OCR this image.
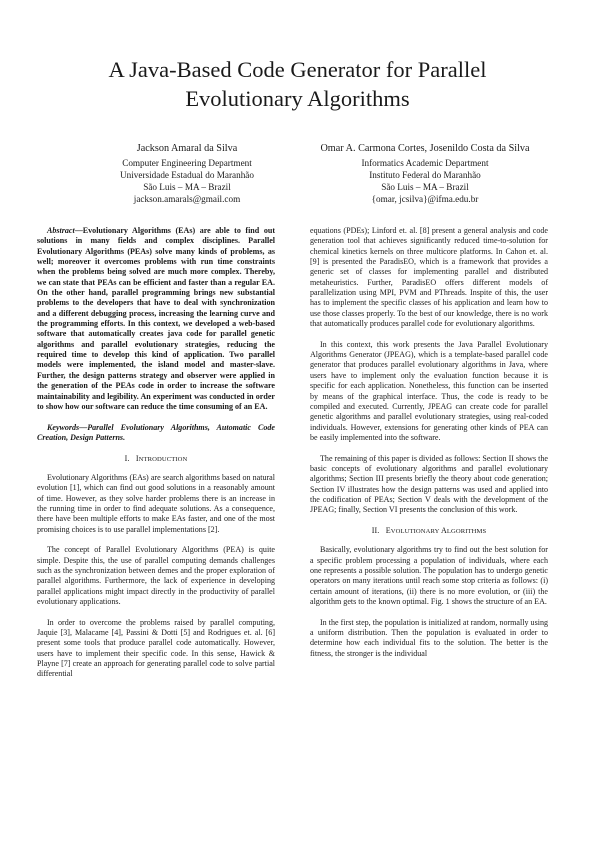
A Java-Based Code Generator for Parallel
Evolutionary Algorithms
Jackson Amaral da Silva
Computer Engineering Department
Universidade Estadual do Maranhão
São Luis – MA – Brazil
jackson.amarals@gmail.com
Omar A. Carmona Cortes, Josenildo Costa da Silva
Informatics Academic Department
Instituto Federal do Maranhão
São Luis – MA – Brazil
{omar, jcsilva}@ifma.edu.br

Abstract—Evolutionary Algorithms (EAs) are able to find out solutions in many fields and complex disciplines. Parallel Evolutionary Algorithms (PEAs) solve many kinds of problems, as well; moreover it overcomes problems with run time constraints when the problems being solved are much more complex. Thereby, we can state that PEAs can be efficient and faster than a regular EA. On the other hand, parallel programming brings new substantial problems to the developers that have to deal with synchronization and a different debugging process, increasing the learning curve and the programming efforts. In this context, we developed a web-based software that automatically creates java code for parallel genetic algorithms and parallel evolutionary strategies, reducing the required time to develop this kind of application. Two parallel models were implemented, the island model and master-slave. Further, the design patterns strategy and observer were applied in the generation of the PEAs code in order to increase the software maintainability and legibility. An experiment was conducted in order to show how our software can reduce the time consuming of an EA.

Keywords—Parallel Evolutionary Algorithms, Automatic Code Creation, Design Patterns.

I. INTRODUCTION

Evolutionary Algorithms (EAs) are search algorithms based on natural evolution [1], which can find out good solutions in a reasonably amount of time. However, as they solve harder problems there is an increase in the running time in order to find adequate solutions. As a consequence, there have been multiple efforts to make EAs faster, and one of the most promising choices is to use parallel implementations [2].

The concept of Parallel Evolutionary Algorithms (PEA) is quite simple. Despite this, the use of parallel computing demands challenges such as the synchronization between demes and the proper exploration of parallel algorithms. Furthermore, the lack of experience in developing parallel applications might impact directly in the productivity of parallel evolutionary applications.

In order to overcome the problems raised by parallel computing, Jaquie [3], Malacame [4], Passini & Dotti [5] and Rodrigues et. al. [6] present some tools that produce parallel code automatically. However, users have to implement their specific code. In this sense, Hawick & Playne [7] create an approach for generating parallel code to solve partial differential

equations (PDEs); Linford et. al. [8] present a general analysis and code generation tool that achieves significantly reduced time-to-solution for chemical kinetics kernels on three multicore platforms. In Cahon et. al. [9] is presented the ParadisEO, which is a framework that provides a generic set of classes for implementing parallel and distributed metaheuristics. Further, ParadisEO offers different models of parallelization using MPI, PVM and PThreads. Inspite of this, the user has to implement the specific classes of his application and learn how to use those classes properly. To the best of our knowledge, there is no work that automatically produces parallel code for evolutionary algorithms.

In this context, this work presents the Java Parallel Evolutionary Algorithms Generator (JPEAG), which is a template-based parallel code generator that produces parallel evolutionary algorithms in Java, where users have to implement only the evaluation function because it is specific for each application. Nonetheless, this function can be inserted by means of the graphical interface. Thus, the code is ready to be compiled and executed. Currently, JPEAG can create code for parallel genetic algorithms and parallel evolutionary strategies, using real-coded individuals. However, extensions for generating other kinds of PEA can be easily implemented into the software.

The remaining of this paper is divided as follows: Section II shows the basic concepts of evolutionary algorithms and parallel evolutionary algorithms; Section III presents briefly the theory about code generation; Section IV illustrates how the design patterns was used and applied into the codification of PEAs; Section V deals with the development of the JPEAG; finally, Section VI presents the conclusion of this work.

II. EVOLUTIONARY ALGORITHMS

Basically, evolutionary algorithms try to find out the best solution for a specific problem processing a population of individuals, where each one represents a possible solution. The population has to undergo genetic operators on many iterations until reach some stop criteria as follows: (i) certain amount of iterations, (ii) there is no more evolution, or (iii) the algorithm gets to the known optimal. Fig. 1 shows the structure of an EA.

In the first step, the population is initialized at random, normally using a uniform distribution. Then the population is evaluated in order to determine how each individual fits to the solution. The better is the fitness, the stronger is the individual
